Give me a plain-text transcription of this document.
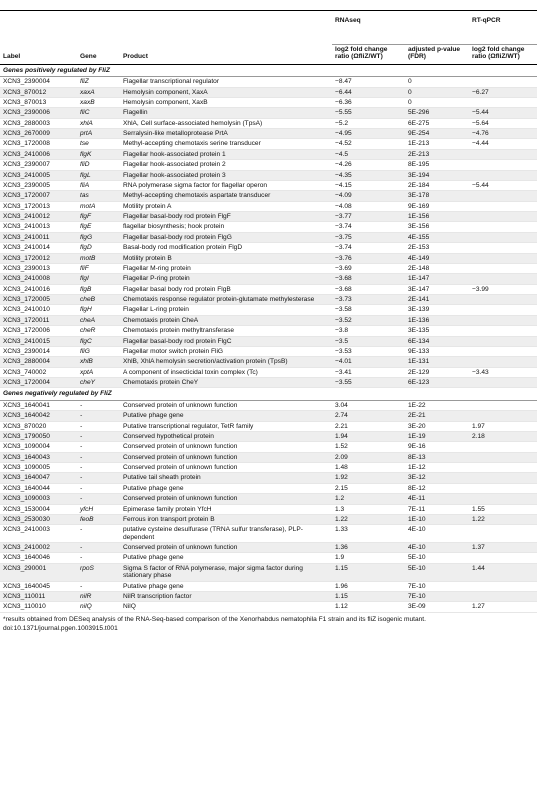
			RNAseq		RT-qPCR
Label	Gene	Product	log2 fold change ratio (ΩfliZ/WT)	adjusted p-value (FDR)	log2 fold change ratio (ΩfliZ/WT)
Genes positively regulated by FliZ					
XCN3_2390004	fliZ	Flagellar transcriptional regulator	−8.47	0	
XCN3_870012	xaxA	Hemolysin component, XaxA	−6.44	0	−6.27
XCN3_870013	xaxB	Hemolysin component, XaxB	−6.36	0	
XCN3_2390006	fliC	Flagellin	−5.55	5E-296	−5.44
XCN3_2880003	xhlA	XhlA, Cell surface-associated hemolysin (TpsA)	−5.2	6E-275	−5.64
XCN3_2670009	prtA	Serralysin-like metalloprotease PrtA	−4.95	9E-254	−4.76
XCN3_1720008	tse	Methyl-accepting chemotaxis serine transducer	−4.52	1E-213	−4.44
XCN3_2410006	flgK	Flagellar hook-associated protein 1	−4.5	2E-213	
XCN3_2390007	fliD	Flagellar hook-associated protein 2	−4.26	8E-195	
XCN3_2410005	flgL	Flagellar hook-associated protein 3	−4.35	3E-194	
XCN3_2390005	fliA	RNA polymerase sigma factor for flagellar operon	−4.15	2E-184	−5.44
XCN3_1720007	tas	Methyl-accepting chemotaxis aspartate transducer	−4.09	3E-178	
XCN3_1720013	motA	Motility protein A	−4.08	9E-169	
XCN3_2410012	flgF	Flagellar basal-body rod protein FlgF	−3.77	1E-156	
XCN3_2410013	flgE	flagellar biosynthesis; hook protein	−3.74	3E-156	
XCN3_2410011	flgG	Flagellar basal-body rod protein FlgG	−3.75	4E-155	
XCN3_2410014	flgD	Basal-body rod modification protein FlgD	−3.74	2E-153	
XCN3_1720012	motB	Motility protein B	−3.76	4E-149	
XCN3_2390013	fliF	Flagellar M-ring protein	−3.69	2E-148	
XCN3_2410008	flgI	Flagellar P-ring protein	−3.68	1E-147	
XCN3_2410016	flgB	Flagellar basal body rod protein FlgB	−3.68	3E-147	−3.99
XCN3_1720005	cheB	Chemotaxis response regulator protein-glutamate methylesterase	−3.73	2E-141	
XCN3_2410010	flgH	Flagellar L-ring protein	−3.58	3E-139	
XCN3_1720011	cheA	Chemotaxis protein CheA	−3.52	1E-136	
XCN3_1720006	cheR	Chemotaxis protein methyltransferase	−3.8	3E-135	
XCN3_2410015	flgC	Flagellar basal-body rod protein FlgC	−3.5	6E-134	
XCN3_2390014	fliG	Flagellar motor switch protein FliG	−3.53	9E-133	
XCN3_2880004	xhlB	XhlB, XhlA hemolysin secretion/activation protein (TpsB)	−4.01	1E-131	
XCN3_740002	xptA	A component of insecticidal toxin complex (Tc)	−3.41	2E-129	−3.43
XCN3_1720004	cheY	Chemotaxis protein CheY	−3.55	6E-123	
Genes negatively regulated by FliZ					
XCN3_1640041	-	Conserved protein of unknown function	3.04	1E-22	
XCN3_1640042	-	Putative phage gene	2.74	2E-21	
XCN3_870020	-	Putative transcriptional regulator, TetR family	2.21	3E-20	1.97
XCN3_1790050	-	Conserved hypothetical protein	1.94	1E-19	2.18
XCN3_1090004	-	Conserved protein of unknown function	1.52	9E-16	
XCN3_1640043	-	Conserved protein of unknown function	2.09	8E-13	
XCN3_1090005	-	Conserved protein of unknown function	1.48	1E-12	
XCN3_1640047	-	Putative tail sheath protein	1.92	3E-12	
XCN3_1640044	-	Putative phage gene	2.15	8E-12	
XCN3_1090003	-	Conserved protein of unknown function	1.2	4E-11	
XCN3_1530004	yfcH	Epimerase family protein YfcH	1.3	7E-11	1.55
XCN3_2530030	feoB	Ferrous iron transport protein B	1.22	1E-10	1.22
XCN3_2410003	-	putative cysteine desulfurase (TRNA sulfur transferase), PLP-dependent	1.33	4E-10	
XCN3_2410002	-	Conserved protein of unknown function	1.36	4E-10	1.37
XCN3_1640046	-	Putative phage gene	1.9	5E-10	
XCN3_290001	rpoS	Sigma S factor of RNA polymerase, major sigma factor during stationary phase	1.15	5E-10	1.44
XCN3_1640045	-	Putative phage gene	1.96	7E-10	
XCN3_110011	nilR	NilR transcription factor	1.15	7E-10	
XCN3_110010	nilQ	NilQ	1.12	3E-09	1.27

*results obtained from DESeq analysis of the RNA-Seq-based comparison of the Xenorhabdus nematophila F1 strain and its fliZ isogenic mutant.
doi:10.1371/journal.pgen.1003915.t001
